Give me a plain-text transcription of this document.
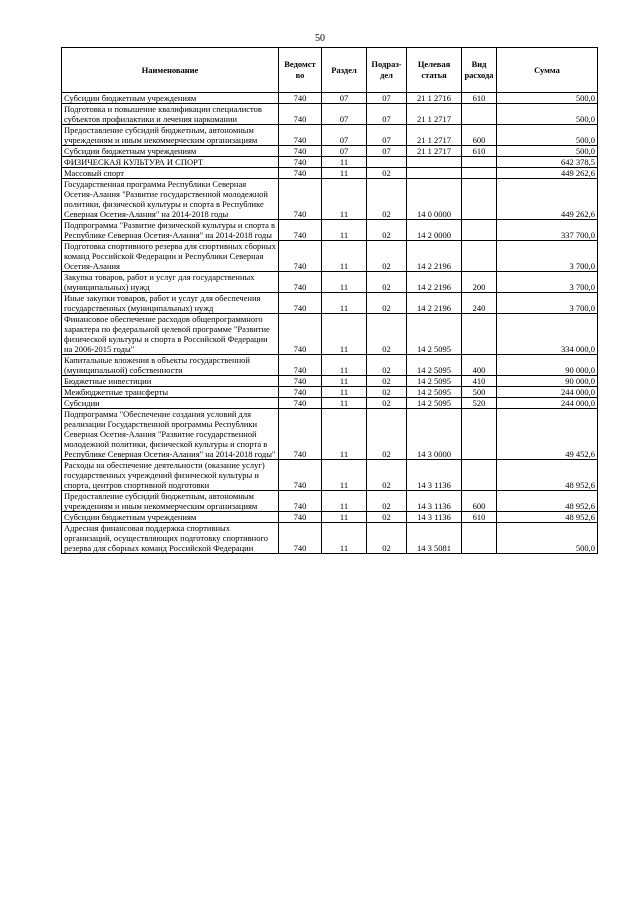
50
Наименование	Ведомст во	Раздел	Подраз- дел	Целевая статья	Вид расхода	Сумма
Субсидии бюджетным учреждениям	740	07	07	21 1 2716	610	500,0
Подготовка и повышение квалификации специалистов субъектов профилактики и лечения наркомании	740	07	07	21 1 2717		500,0
Предоставление субсидий бюджетным, автономным учреждениям и иным некоммерческим организациям	740	07	07	21 1 2717	600	500,0
Субсидии бюджетным учреждениям	740	07	07	21 1 2717	610	500,0
ФИЗИЧЕСКАЯ КУЛЬТУРА И СПОРТ	740	11				642 378,5
Массовый спорт	740	11	02			449 262,6
Государственная программа Республики Северная Осетия-Алания "Развитие государственной молодежной политики, физической культуры и спорта в Республике Северная Осетия-Алания" на 2014-2018 годы	740	11	02	14 0 0000		449 262,6
Подпрограмма "Развитие физической культуры и спорта в Республике Северная Осетия-Алания" на 2014-2018 годы	740	11	02	14 2 0000		337 700,0
Подготовка спортивного резерва для спортивных сборных команд Российской Федерации и Республики Северная Осетия-Алания	740	11	02	14 2 2196		3 700,0
Закупка товаров, работ и услуг для государственных (муниципальных) нужд	740	11	02	14 2 2196	200	3 700,0
Иные закупки товаров, работ и услуг для обеспечения государственных (муниципальных) нужд	740	11	02	14 2 2196	240	3 700,0
Финансовое обеспечение расходов общепрограммного характера по федеральной целевой программе "Развитие физической культуры и спорта в Российской Федерации на 2006-2015 годы"	740	11	02	14 2 5095		334 000,0
Капитальные вложения в объекты государственной (муниципальной) собственности	740	11	02	14 2 5095	400	90 000,0
Бюджетные инвестиции	740	11	02	14 2 5095	410	90 000,0
Межбюджетные трансферты	740	11	02	14 2 5095	500	244 000,0
Субсидии	740	11	02	14 2 5095	520	244 000,0
Подпрограмма "Обеспечение создания условий для реализации Государственной программы Республики Северная Осетия-Алания "Развитие государственной молодежной политики, физической культуры и спорта в Республике Северная Осетия-Алания" на 2014-2018 годы"	740	11	02	14 3 0000		49 452,6
Расходы на обеспечение деятельности (оказание услуг) государственных учреждений физической культуры и спорта, центров спортивной подготовки	740	11	02	14 3 1136		48 952,6
Предоставление субсидий бюджетным, автономным учреждениям и иным некоммерческим организациям	740	11	02	14 3 1136	600	48 952,6
Субсидии бюджетным учреждениям	740	11	02	14 3 1136	610	48 952,6
Адресная финансовая поддержка спортивных организаций, осуществляющих подготовку спортивного резерва для сборных команд Российской Федерации	740	11	02	14 3 5081		500,0
